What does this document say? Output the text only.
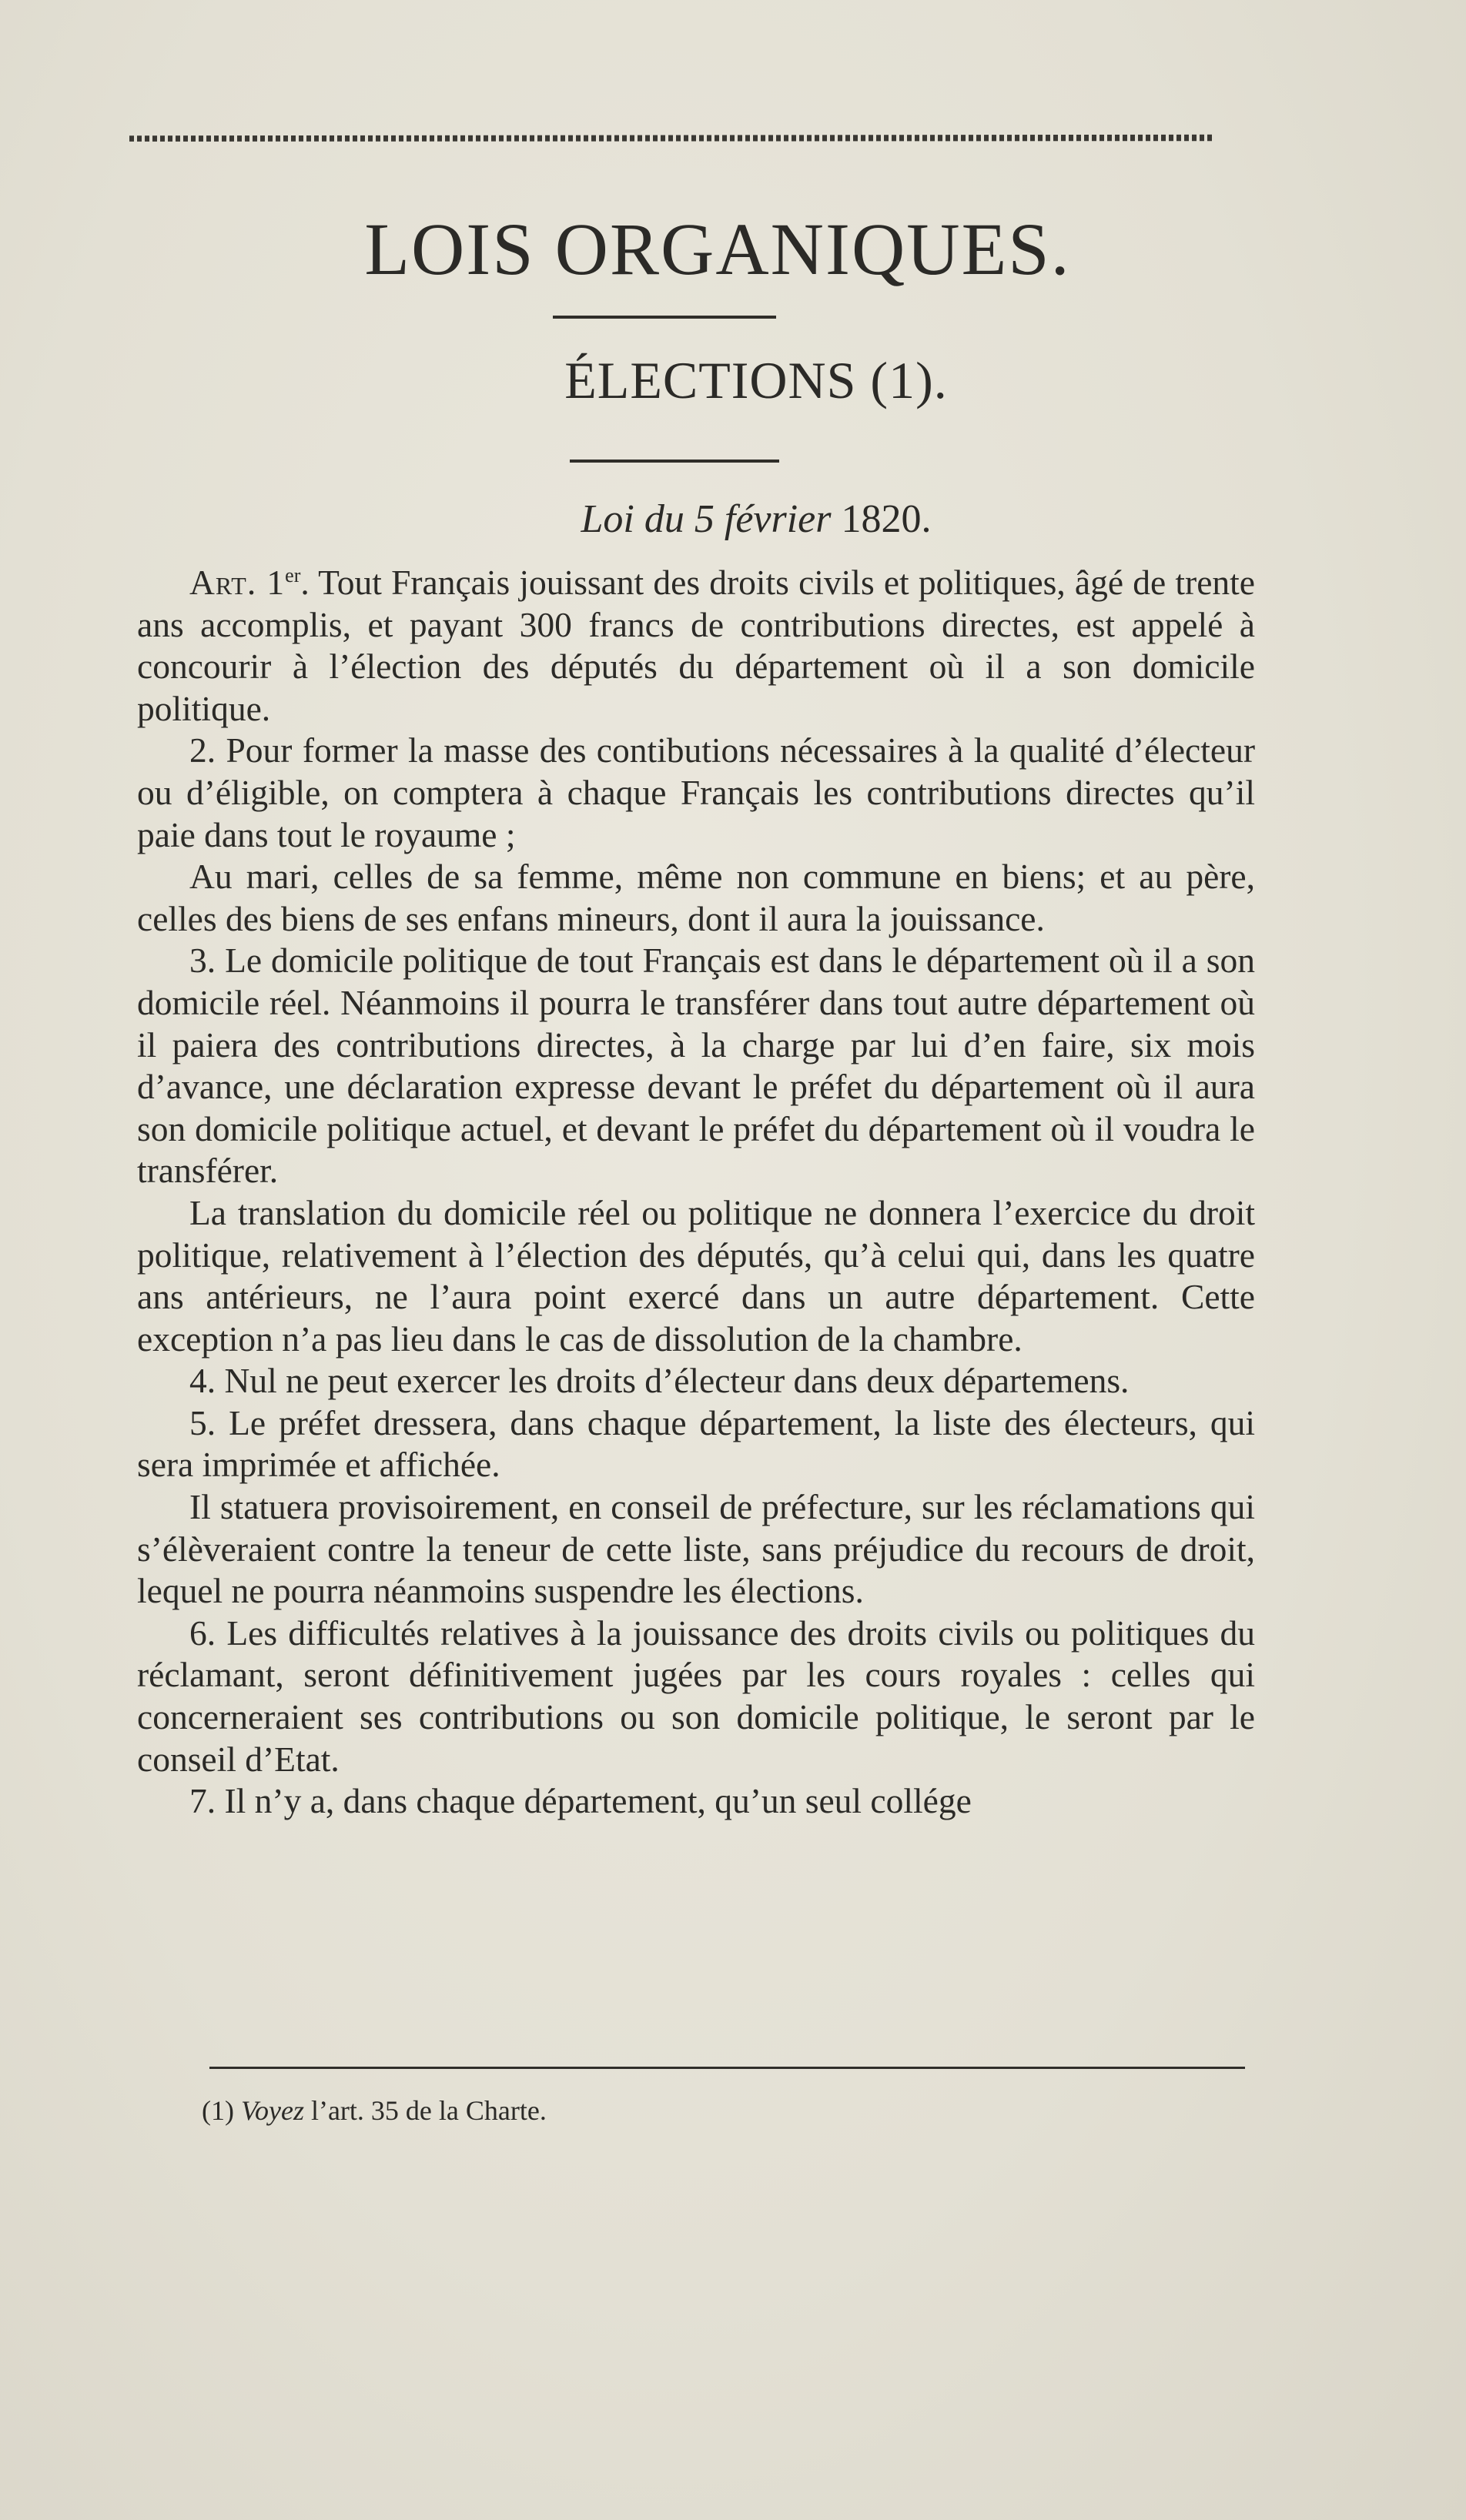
LOIS ORGANIQUES.
ÉLECTIONS (1).
Loi du 5 février 1820.

Art. 1er. Tout Français jouissant des droits civils et politiques, âgé de trente ans accomplis, et payant 300 francs de contributions directes, est appelé à concourir à l’élection des députés du département où il a son domicile politique.

2. Pour former la masse des contibutions nécessaires à la qualité d’électeur ou d’éligible, on comptera à chaque Français les contributions directes qu’il paie dans tout le royaume ;

Au mari, celles de sa femme, même non commune en biens; et au père, celles des biens de ses enfans mineurs, dont il aura la jouissance.

3. Le domicile politique de tout Français est dans le département où il a son domicile réel. Néanmoins il pourra le transférer dans tout autre département où il paiera des contributions directes, à la charge par lui d’en faire, six mois d’avance, une déclaration expresse devant le préfet du département où il aura son domicile politique actuel, et devant le préfet du département où il voudra le transférer.

La translation du domicile réel ou politique ne donnera l’exercice du droit politique, relativement à l’élection des députés, qu’à celui qui, dans les quatre ans antérieurs, ne l’aura point exercé dans un autre département. Cette exception n’a pas lieu dans le cas de dissolution de la chambre.

4. Nul ne peut exercer les droits d’électeur dans deux départemens.

5. Le préfet dressera, dans chaque département, la liste des électeurs, qui sera imprimée et affichée.

Il statuera provisoirement, en conseil de préfecture, sur les réclamations qui s’élèveraient contre la teneur de cette liste, sans préjudice du recours de droit, lequel ne pourra néanmoins suspendre les élections.

6. Les difficultés relatives à la jouissance des droits civils ou politiques du réclamant, seront définitivement jugées par les cours royales : celles qui concerneraient ses contributions ou son domicile politique, le seront par le conseil d’Etat.

7. Il n’y a, dans chaque département, qu’un seul collége

(1) Voyez l’art. 35 de la Charte.
